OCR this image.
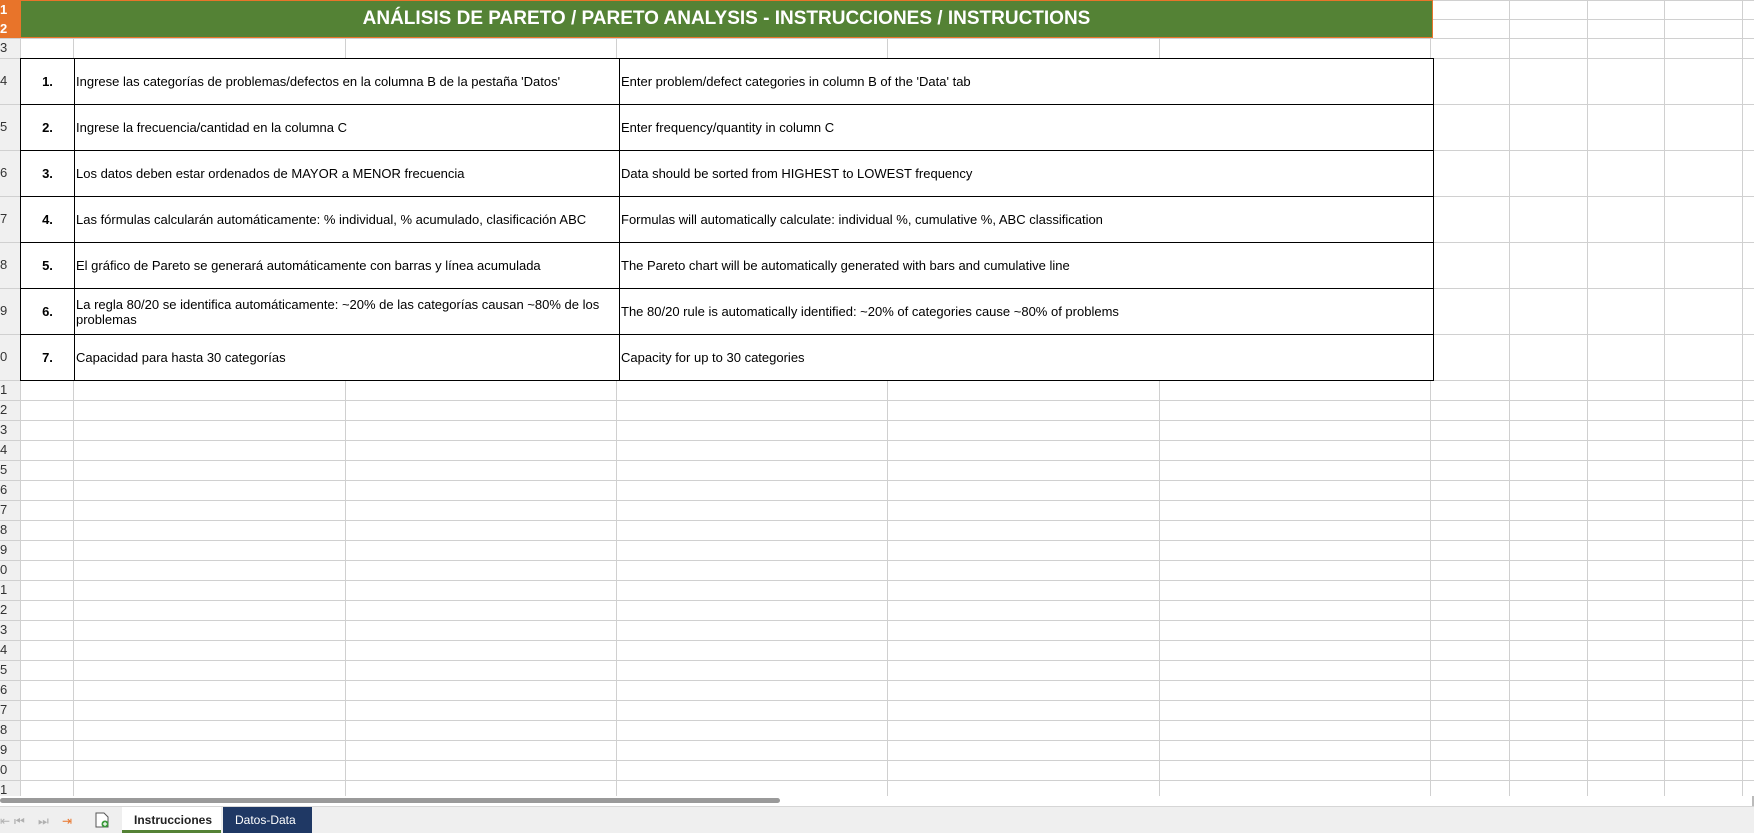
1
2
3
4
5
6
7
8
9
0
1
2
3
4
5
6
7
8
9
0
1
2
3
4
5
6
7
8
9
0
1
ANÁLISIS DE PARETO / PARETO ANALYSIS - INSTRUCCIONES / INSTRUCTIONS
1.	Ingrese las categorías de problemas/defectos en la columna B de la pestaña 'Datos'	Enter problem/defect categories in column B of the 'Data' tab
2.	Ingrese la frecuencia/cantidad en la columna C	Enter frequency/quantity in column C
3.	Los datos deben estar ordenados de MAYOR a MENOR frecuencia	Data should be sorted from HIGHEST to LOWEST frequency
4.	Las fórmulas calcularán automáticamente: % individual, % acumulado, clasificación ABC	Formulas will automatically calculate: individual %, cumulative %, ABC classification
5.	El gráfico de Pareto se generará automáticamente con barras y línea acumulada	The Pareto chart will be automatically generated with bars and cumulative line
6.	La regla 80/20 se identifica automáticamente: ~20% de las categorías causan ~80% de los problemas	The 80/20 rule is automatically identified: ~20% of categories cause ~80% of problems
7.	Capacidad para hasta 30 categorías	Capacity for up to 30 categories
⇤ ⏮ ⏭ ⇥	Instrucciones	Datos-Data
